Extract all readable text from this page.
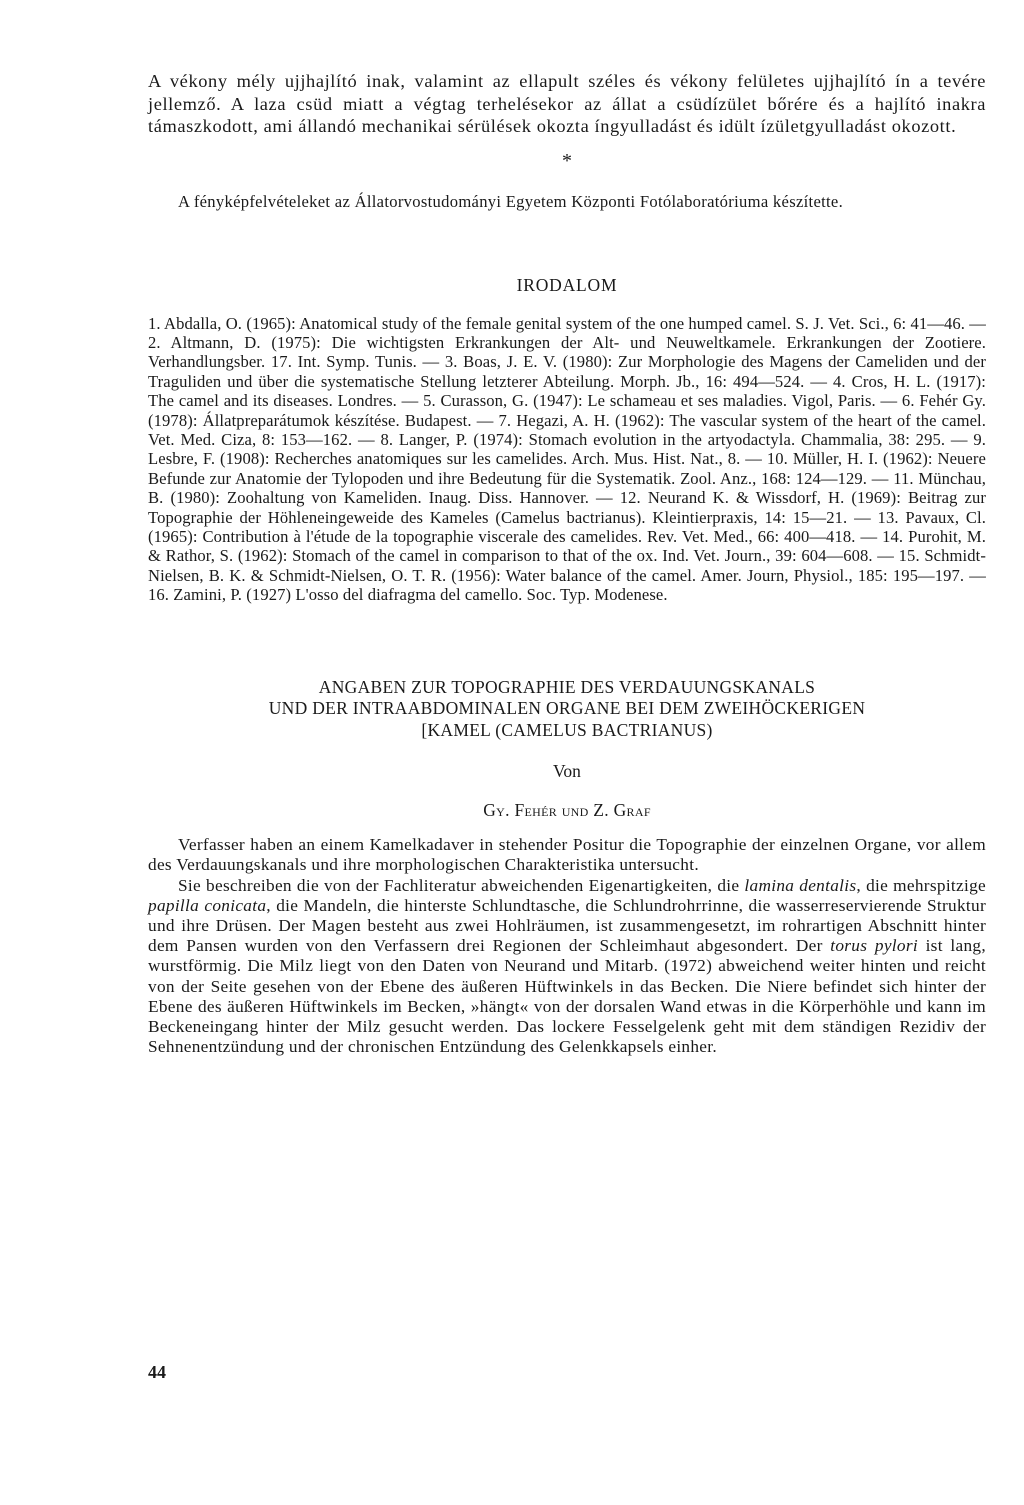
A vékony mély ujjhajlító inak, valamint az ellapult széles és vékony felületes ujjhajlító ín a tevére jellemző. A laza csüd miatt a végtag terhelésekor az állat a csüdízület bőrére és a hajlító inakra támaszkodott, ami állandó mechanikai sérülések okozta íngyulladást és idült ízületgyulladást okozott.

*

A fényképfelvételeket az Állatorvostudományi Egyetem Központi Fotólaboratóriuma készítette.

IRODALOM

1. Abdalla, O. (1965): Anatomical study of the female genital system of the one humped camel. S. J. Vet. Sci., 6: 41—46. — 2. Altmann, D. (1975): Die wichtigsten Erkrankungen der Alt- und Neuweltkamele. Erkrankungen der Zootiere. Verhandlungsber. 17. Int. Symp. Tunis. — 3. Boas, J. E. V. (1980): Zur Morphologie des Magens der Cameliden und der Traguliden und über die systematische Stellung letzterer Abteilung. Morph. Jb., 16: 494—524. — 4. Cros, H. L. (1917): The camel and its diseases. Londres. — 5. Curasson, G. (1947): Le schameau et ses maladies. Vigol, Paris. — 6. Fehér Gy. (1978): Állatpreparátumok készítése. Budapest. — 7. Hegazi, A. H. (1962): The vascular system of the heart of the camel. Vet. Med. Ciza, 8: 153—162. — 8. Langer, P. (1974): Stomach evolution in the artyodactyla. Chammalia, 38: 295. — 9. Lesbre, F. (1908): Recherches anatomiques sur les camelides. Arch. Mus. Hist. Nat., 8. — 10. Müller, H. I. (1962): Neuere Befunde zur Anatomie der Tylopoden und ihre Bedeutung für die Systematik. Zool. Anz., 168: 124—129. — 11. Münchau, B. (1980): Zoohaltung von Kameliden. Inaug. Diss. Hannover. — 12. Neurand K. & Wissdorf, H. (1969): Beitrag zur Topographie der Höhleneingeweide des Kameles (Camelus bactrianus). Kleintierpraxis, 14: 15—21. — 13. Pavaux, Cl. (1965): Contribution à l'étude de la topographie viscerale des camelides. Rev. Vet. Med., 66: 400—418. — 14. Purohit, M. & Rathor, S. (1962): Stomach of the camel in comparison to that of the ox. Ind. Vet. Journ., 39: 604—608. — 15. Schmidt-Nielsen, B. K. & Schmidt-Nielsen, O. T. R. (1956): Water balance of the camel. Amer. Journ, Physiol., 185: 195—197. — 16. Zamini, P. (1927) L'osso del diafragma del camello. Soc. Typ. Modenese.

ANGABEN ZUR TOPOGRAPHIE DES VERDAUUNGSKANALS
UND DER INTRAABDOMINALEN ORGANE BEI DEM ZWEIHÖCKERIGEN
[KAMEL (CAMELUS BACTRIANUS)
Von
Gy. Fehér und Z. Graf

Verfasser haben an einem Kamelkadaver in stehender Positur die Topographie der einzelnen Organe, vor allem des Verdauungskanals und ihre morphologischen Charakteristika untersucht.

Sie beschreiben die von der Fachliteratur abweichenden Eigenartigkeiten, die lamina dentalis, die mehrspitzige papilla conicata, die Mandeln, die hinterste Schlundtasche, die Schlundrohrrinne, die wasserreservierende Struktur und ihre Drüsen. Der Magen besteht aus zwei Hohlräumen, ist zusammengesetzt, im rohrartigen Abschnitt hinter dem Pansen wurden von den Verfassern drei Regionen der Schleimhaut abgesondert. Der torus pylori ist lang, wurstförmig. Die Milz liegt von den Daten von Neurand und Mitarb. (1972) abweichend weiter hinten und reicht von der Seite gesehen von der Ebene des äußeren Hüftwinkels in das Becken. Die Niere befindet sich hinter der Ebene des äußeren Hüftwinkels im Becken, »hängt« von der dorsalen Wand etwas in die Körperhöhle und kann im Beckeneingang hinter der Milz gesucht werden. Das lockere Fesselgelenk geht mit dem ständigen Rezidiv der Sehnenentzündung und der chronischen Entzündung des Gelenkkapsels einher.

44
